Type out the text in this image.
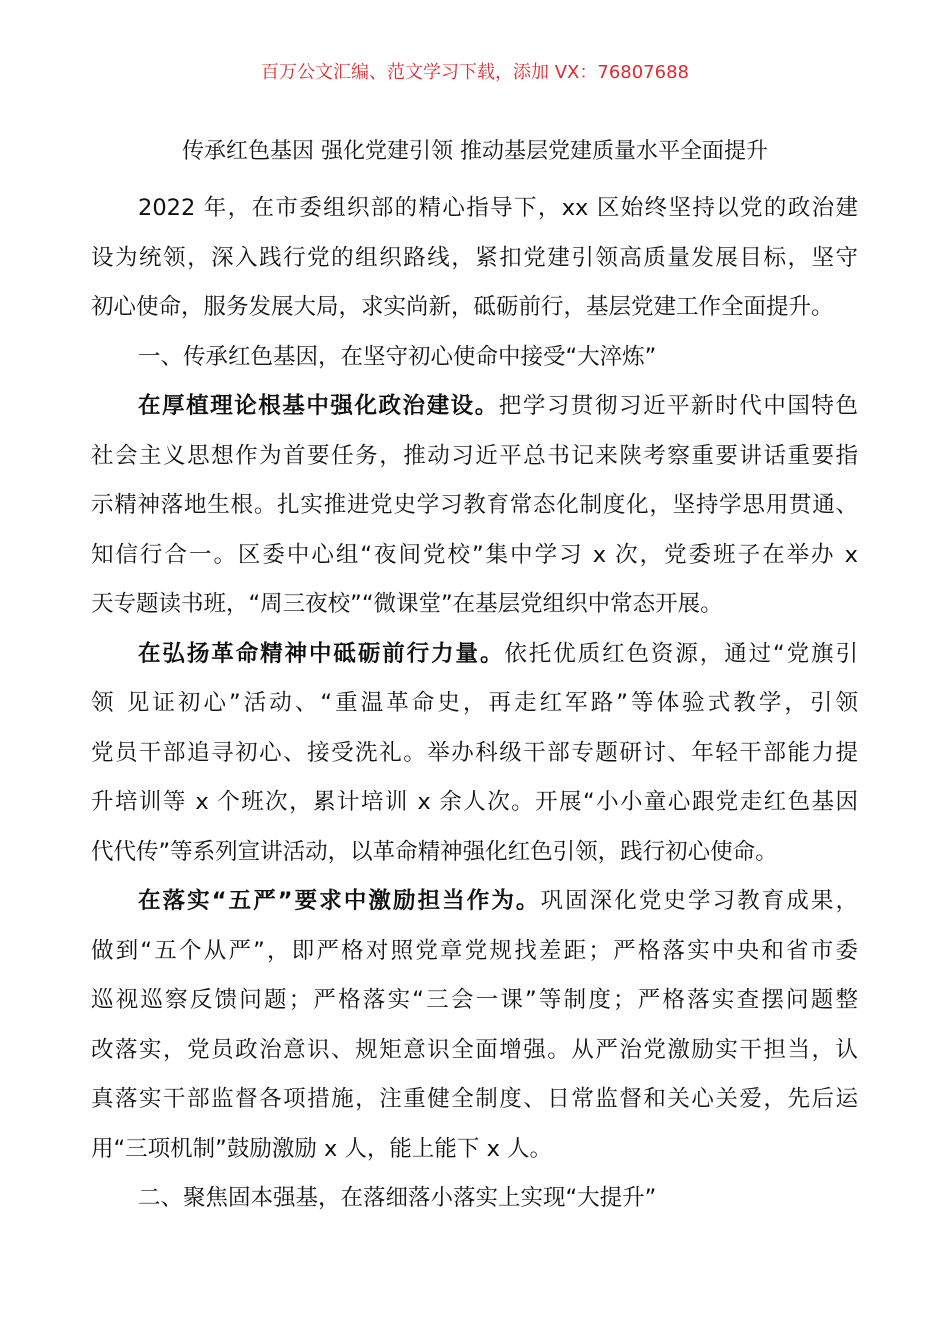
百万公文汇编、范文学习下载，添加 VX：76807688
传承红色基因 强化党建引领 推动基层党建质量水平全面提升
2022 年，在市委组织部的精心指导下，xx 区始终坚持以党的政治建
设为统领，深入践行党的组织路线，紧扣党建引领高质量发展目标，坚守
初心使命，服务发展大局，求实尚新，砥砺前行，基层党建工作全面提升。
一、传承红色基因，在坚守初心使命中接受“大淬炼”
在厚植理论根基中强化政治建设。把学习贯彻习近平新时代中国特色
社会主义思想作为首要任务，推动习近平总书记来陕考察重要讲话重要指
示精神落地生根。扎实推进党史学习教育常态化制度化，坚持学思用贯通、
知信行合一。区委中心组“夜间党校”集中学习 x 次，党委班子在举办 x
天专题读书班，“周三夜校”“微课堂”在基层党组织中常态开展。
在弘扬革命精神中砥砺前行力量。依托优质红色资源，通过“党旗引
领 见证初心”活动、“重温革命史，再走红军路”等体验式教学，引领
党员干部追寻初心、接受洗礼。举办科级干部专题研讨、年轻干部能力提
升培训等 x 个班次，累计培训 x 余人次。开展“小小童心跟党走红色基因
代代传”等系列宣讲活动，以革命精神强化红色引领，践行初心使命。
在落实“五严”要求中激励担当作为。巩固深化党史学习教育成果，
做到“五个从严”，即严格对照党章党规找差距；严格落实中央和省市委
巡视巡察反馈问题；严格落实“三会一课”等制度；严格落实查摆问题整
改落实，党员政治意识、规矩意识全面增强。从严治党激励实干担当，认
真落实干部监督各项措施，注重健全制度、日常监督和关心关爱，先后运
用“三项机制”鼓励激励 x 人，能上能下 x 人。
二、聚焦固本强基，在落细落小落实上实现“大提升”
